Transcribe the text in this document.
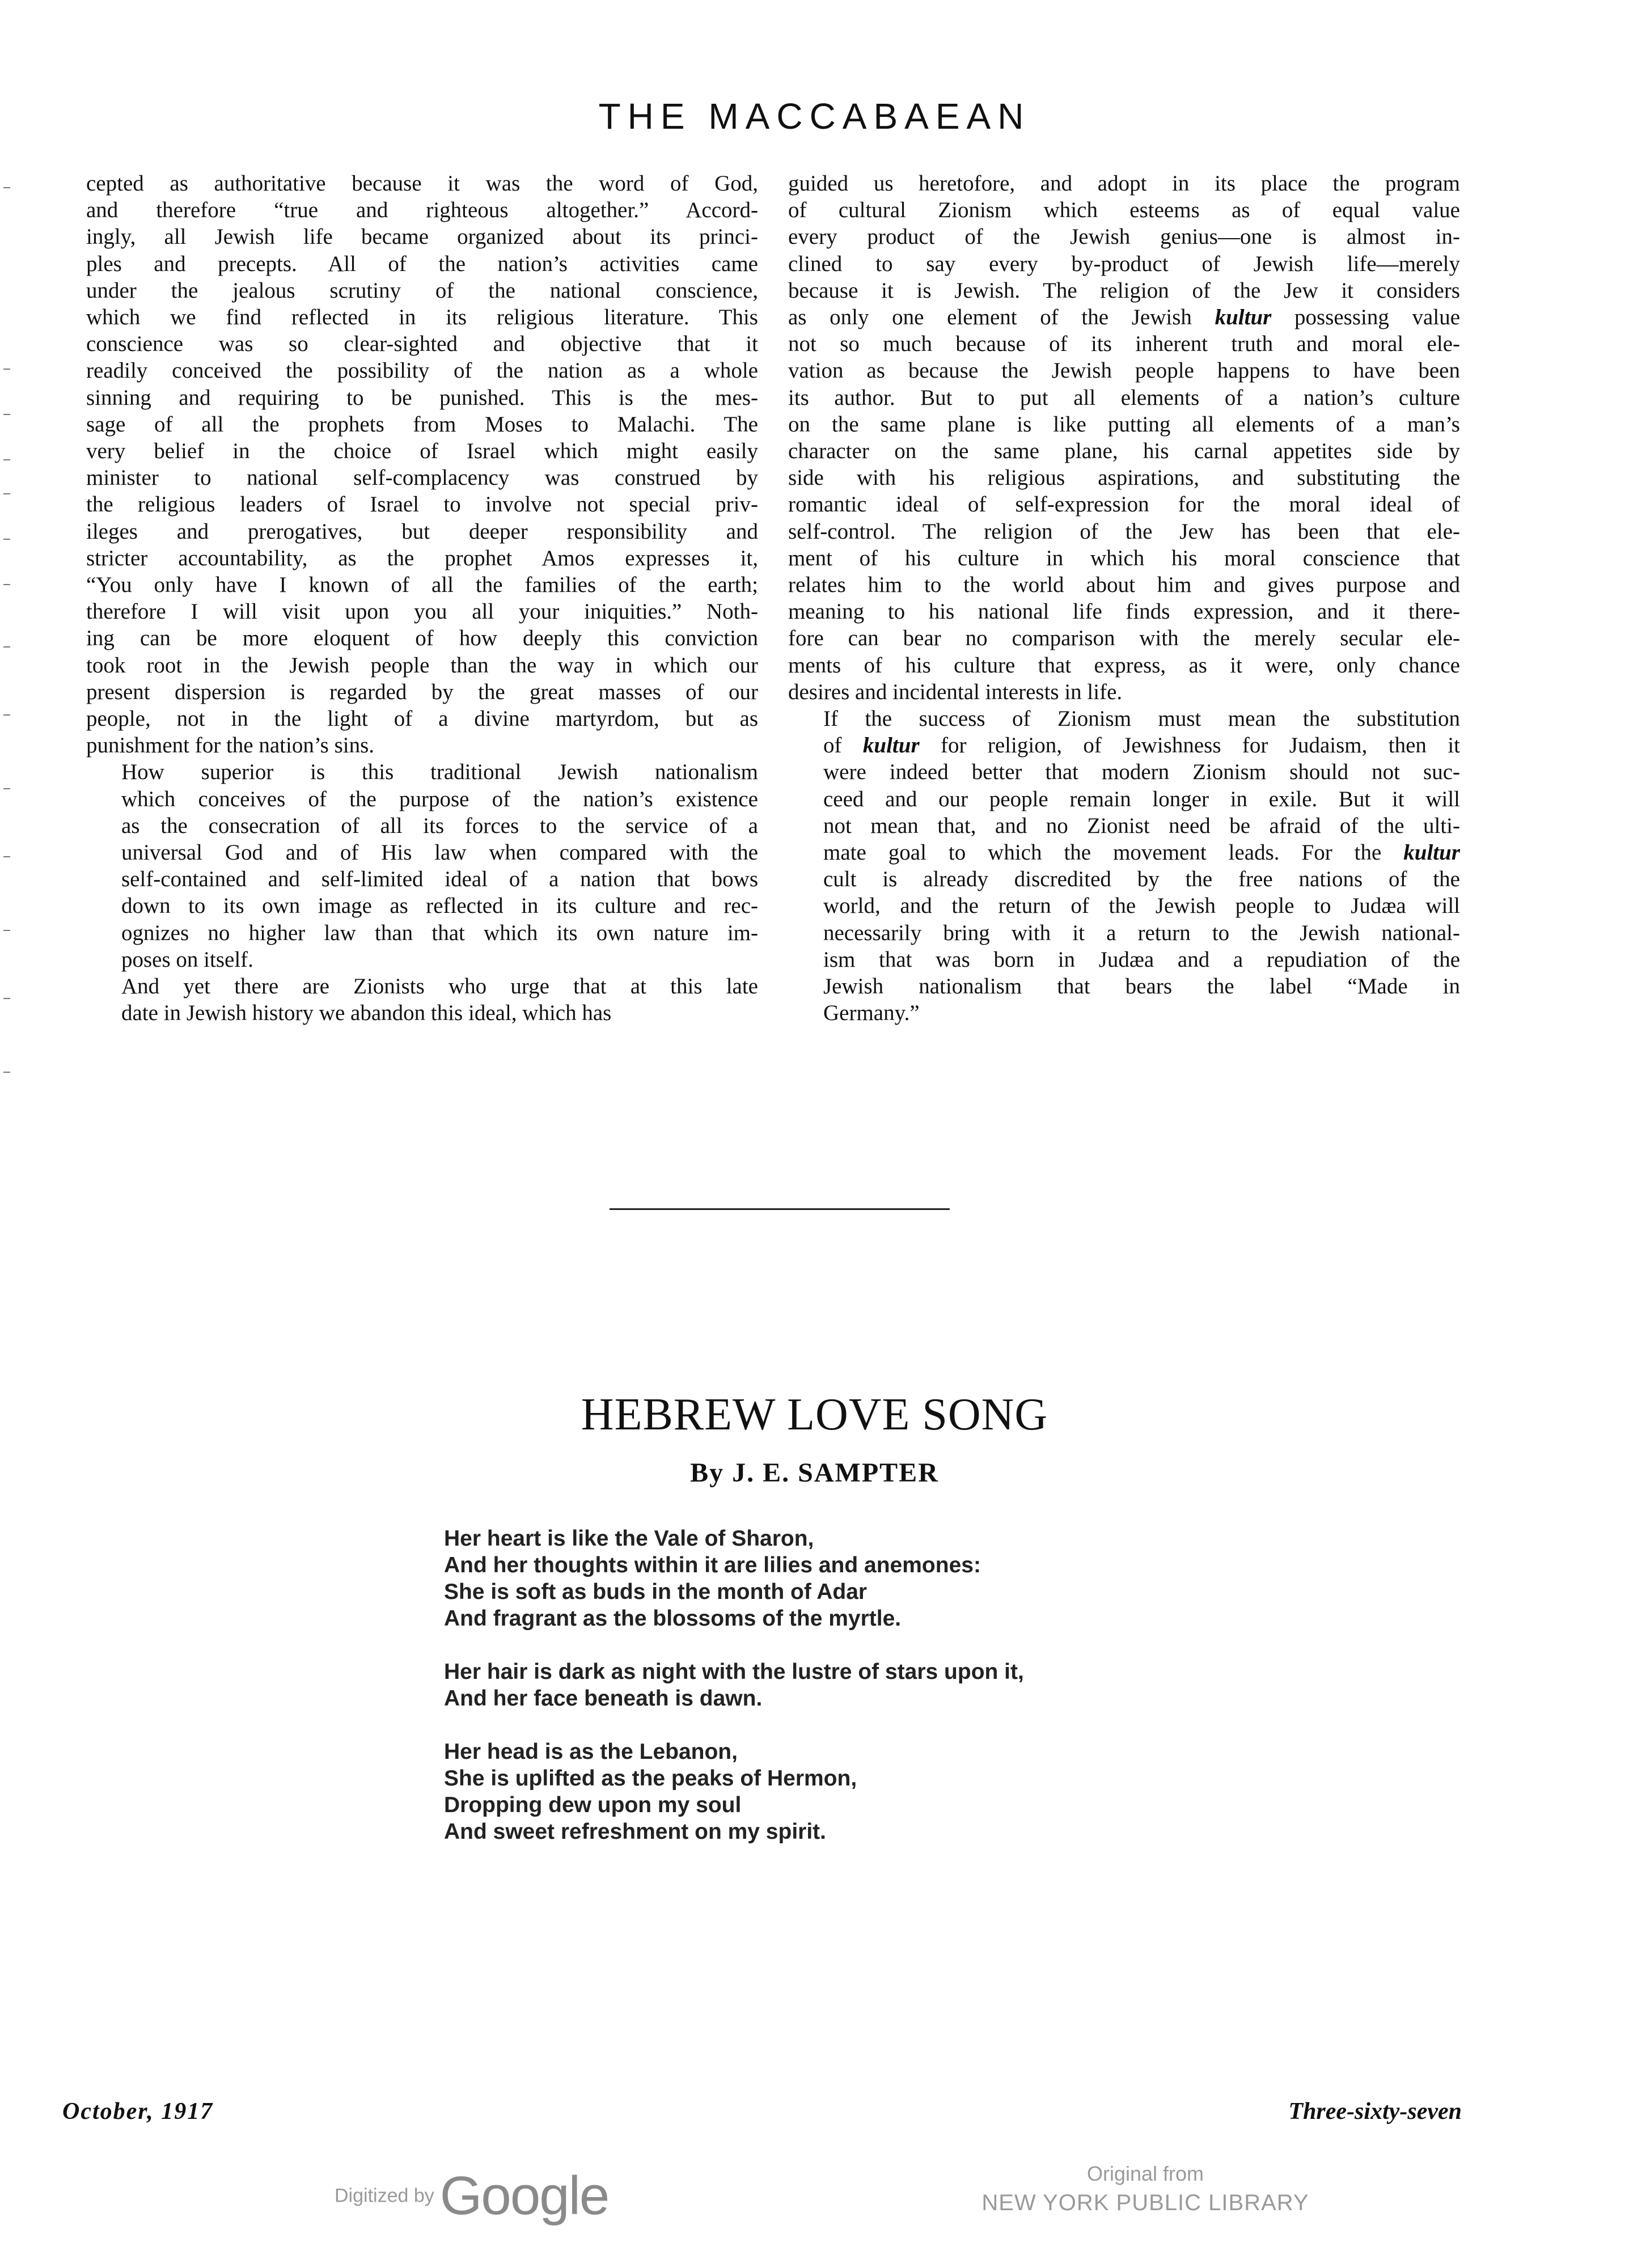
THE MACCABAEAN

cepted as authoritative because it was the word of God,
and therefore “true and righteous altogether.” Accord-
ingly, all Jewish life became organized about its princi-
ples and precepts. All of the nation’s activities came
under the jealous scrutiny of the national conscience,
which we find reflected in its religious literature. This
conscience was so clear-sighted and objective that it
readily conceived the possibility of the nation as a whole
sinning and requiring to be punished. This is the mes-
sage of all the prophets from Moses to Malachi. The
very belief in the choice of Israel which might easily
minister to national self-complacency was construed by
the religious leaders of Israel to involve not special priv-
ileges and prerogatives, but deeper responsibility and
stricter accountability, as the prophet Amos expresses it,
“You only have I known of all the families of the earth;
therefore I will visit upon you all your iniquities.” Noth-
ing can be more eloquent of how deeply this conviction
took root in the Jewish people than the way in which our
present dispersion is regarded by the great masses of our
people, not in the light of a divine martyrdom, but as
punishment for the nation’s sins.

How superior is this traditional Jewish nationalism
which conceives of the purpose of the nation’s existence
as the consecration of all its forces to the service of a
universal God and of His law when compared with the
self-contained and self-limited ideal of a nation that bows
down to its own image as reflected in its culture and rec-
ognizes no higher law than that which its own nature im-
poses on itself.

And yet there are Zionists who urge that at this late
date in Jewish history we abandon this ideal, which has

guided us heretofore, and adopt in its place the program
of cultural Zionism which esteems as of equal value
every product of the Jewish genius—one is almost in-
clined to say every by-product of Jewish life—merely
because it is Jewish. The religion of the Jew it considers
as only one element of the Jewish kultur possessing value
not so much because of its inherent truth and moral ele-
vation as because the Jewish people happens to have been
its author. But to put all elements of a nation’s culture
on the same plane is like putting all elements of a man’s
character on the same plane, his carnal appetites side by
side with his religious aspirations, and substituting the
romantic ideal of self-expression for the moral ideal of
self-control. The religion of the Jew has been that ele-
ment of his culture in which his moral conscience that
relates him to the world about him and gives purpose and
meaning to his national life finds expression, and it there-
fore can bear no comparison with the merely secular ele-
ments of his culture that express, as it were, only chance
desires and incidental interests in life.

If the success of Zionism must mean the substitution
of kultur for religion, of Jewishness for Judaism, then it
were indeed better that modern Zionism should not suc-
ceed and our people remain longer in exile. But it will
not mean that, and no Zionist need be afraid of the ulti-
mate goal to which the movement leads. For the kultur
cult is already discredited by the free nations of the
world, and the return of the Jewish people to Judæa will
necessarily bring with it a return to the Jewish national-
ism that was born in Judæa and a repudiation of the
Jewish nationalism that bears the label “Made in
Germany.”

HEBREW LOVE SONG
By J. E. SAMPTER
Her heart is like the Vale of Sharon,
And her thoughts within it are lilies and anemones:
She is soft as buds in the month of Adar
And fragrant as the blossoms of the myrtle.
Her hair is dark as night with the lustre of stars upon it,
And her face beneath is dawn.
Her head is as the Lebanon,
She is uplifted as the peaks of Hermon,
Dropping dew upon my soul
And sweet refreshment on my spirit.
October, 1917	Three-sixty-seven
Digitized by Google	Original from
NEW YORK PUBLIC LIBRARY
